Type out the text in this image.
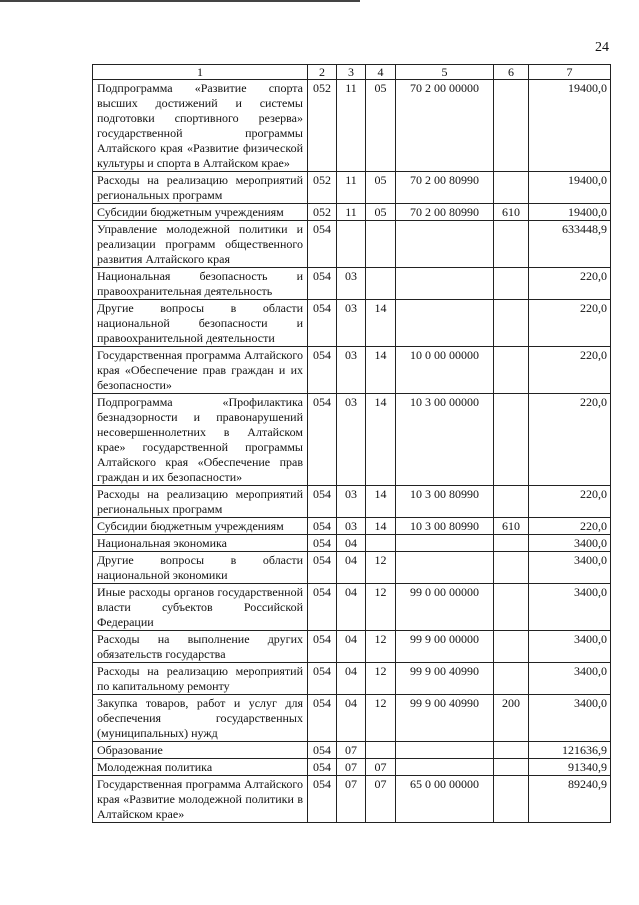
24
1	2	3	4	5	6	7
Подпрограмма «Развитие спорта высших достижений и системы подготовки спортивного резерва» государственной программы Алтайского края «Развитие физической культуры и спорта в Алтайском крае»	052	11	05	70 2 00 00000		19400,0
Расходы на реализацию мероприятий региональных программ	052	11	05	70 2 00 80990		19400,0
Субсидии бюджетным учреждениям	052	11	05	70 2 00 80990	610	19400,0
Управление молодежной политики и реализации программ общественного развития Алтайского края	054					633448,9
Национальная безопасность и правоохранительная деятельность	054	03				220,0
Другие вопросы в области национальной безопасности и правоохранительной деятельности	054	03	14			220,0
Государственная программа Алтайского края «Обеспечение прав граждан и их безопасности»	054	03	14	10 0 00 00000		220,0
Подпрограмма «Профилактика безнадзорности и правонарушений несовершеннолетних в Алтайском крае» государственной программы Алтайского края «Обеспечение прав граждан и их безопасности»	054	03	14	10 3 00 00000		220,0
Расходы на реализацию мероприятий региональных программ	054	03	14	10 3 00 80990		220,0
Субсидии бюджетным учреждениям	054	03	14	10 3 00 80990	610	220,0
Национальная экономика	054	04				3400,0
Другие вопросы в области национальной экономики	054	04	12			3400,0
Иные расходы органов государственной власти субъектов Российской Федерации	054	04	12	99 0 00 00000		3400,0
Расходы на выполнение других обязательств государства	054	04	12	99 9 00 00000		3400,0
Расходы на реализацию мероприятий по капитальному ремонту	054	04	12	99 9 00 40990		3400,0
Закупка товаров, работ и услуг для обеспечения государственных (муниципальных) нужд	054	04	12	99 9 00 40990	200	3400,0
Образование	054	07				121636,9
Молодежная политика	054	07	07			91340,9
Государственная программа Алтайского края «Развитие молодежной политики в Алтайском крае»	054	07	07	65 0 00 00000		89240,9
